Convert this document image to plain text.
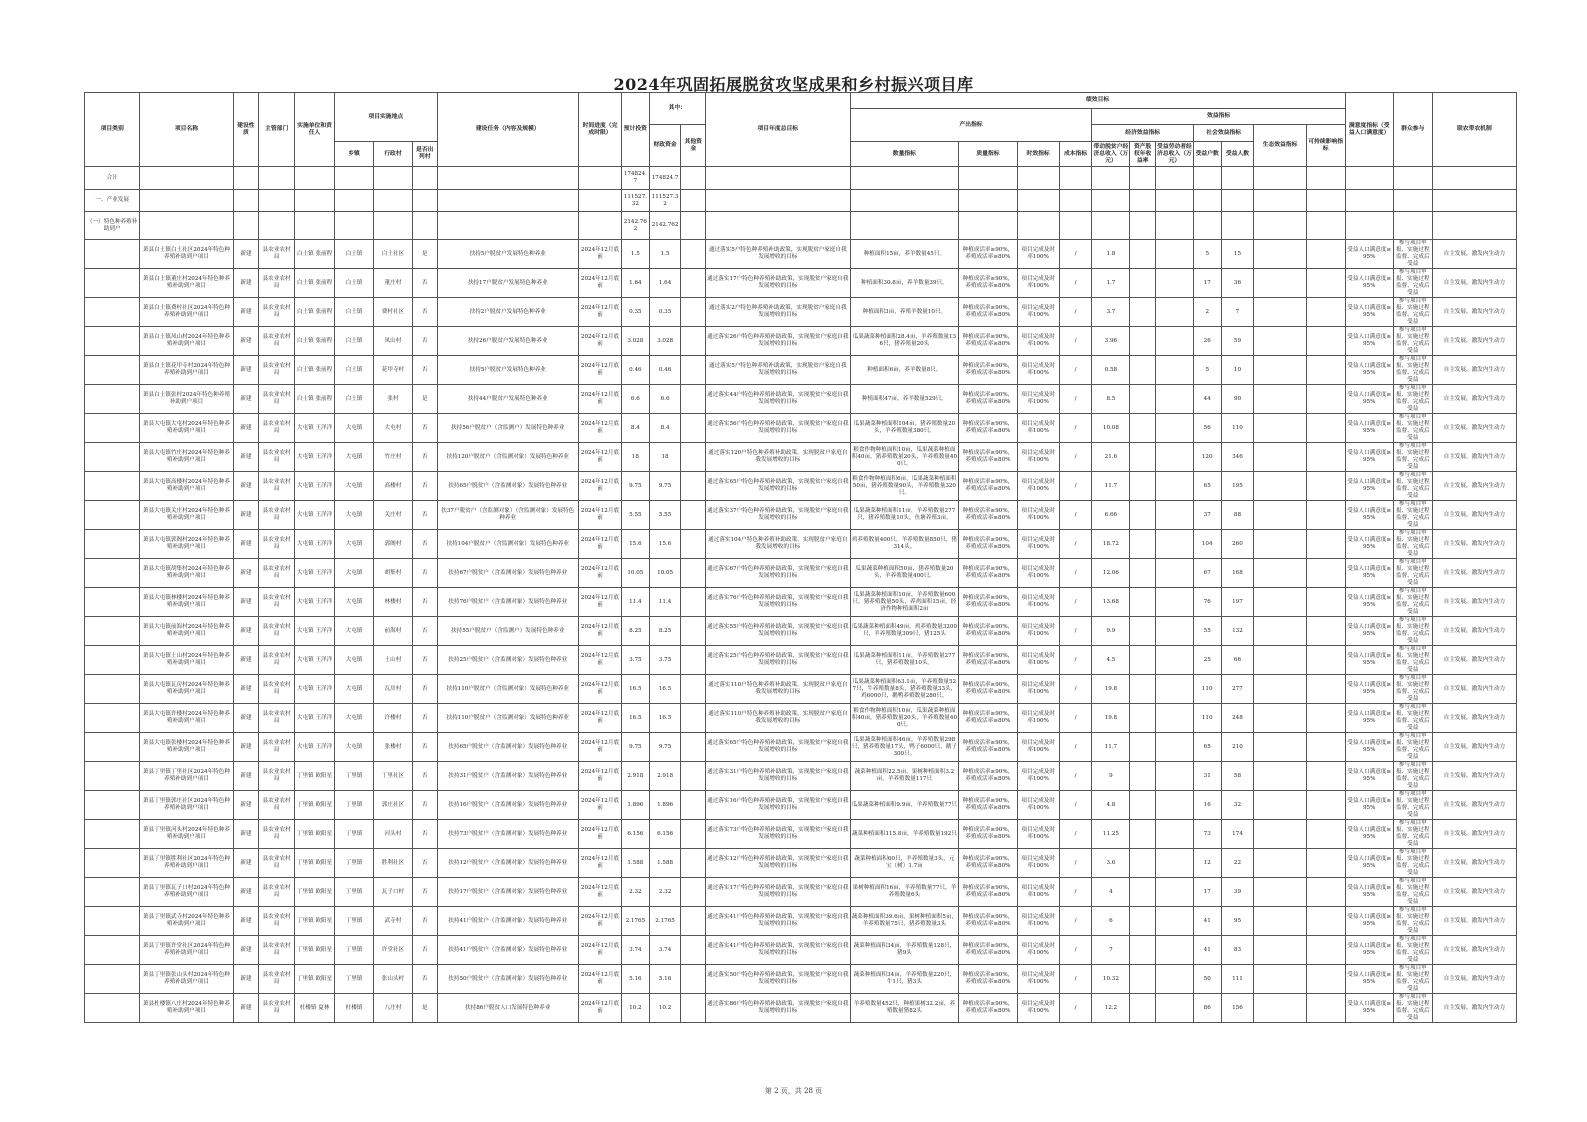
2024年巩固拓展脱贫攻坚成果和乡村振兴项目库
项目类别	项目名称	建设性质	主管部门	实施单位和责任人	项目实施地点			建设任务（内容及规模）	时间进度（完成时限）	预计投资	其中：		项目年度总目标	绩效目标											满意度指标（受益人口满意度）	群众参与	联农带农机制
														产出指标				效益指标									
											财政资金	其他资金						经济效益指标			社会效益指标		生态效益指标	可持续影响指标			
					乡镇	行政村	是否出列村							数量指标	质量指标	时效指标	成本指标	带动脱贫户经济总收入（万元）	资产股权年收益率	受益劳动者经济总收入（万元）	受益户数	受益人数					
合计										174824.7	174824.7																
一、产业发展										111527.32	111527.32																
（一）特色种养殖补助到户										2142.762	2142.762																
	萧县白土镇白土社区2024年特色种养殖补助到户项目	新建	县农业农村局	白土镇 张前程	白土镇	白土社区	是	扶持5户脱贫户发展特色种养业	2024年12月底前	1.5	1.5		通过落实5户特色种养殖补助政策，实现脱贫户家庭自我发展增收的目标	种植面积15亩，养羊数量45只。	种植成活率≥90%，养殖成活率≥80%	项目完成及时率100%	/	1.8			5	15			受益人口满意度≥95%	参与项目申报、实施过程监督、完成后受益	自主发展，激发内生动力
	萧县白土镇董庄村2024年特色种养殖补助到户项目	新建	县农业农村局	白土镇 张前程	白土镇	董庄村	否	扶持17户脱贫户发展特色种养业	2024年12月底前	1.64	1.64		通过落实17户特色种养殖补助政策，实现脱贫户家庭自我发展增收的目标	种植面积30.8亩，养羊数量39只。	种植成活率≥90%，养殖成活率≥80%	项目完成及时率100%	/	1.7			17	36			受益人口满意度≥95%	参与项目申报、实施过程监督、完成后受益	自主发展，激发内生动力
	萧县白土镇费村社区2024年特色种养殖补助到户项目	新建	县农业农村局	白土镇 张前程	白土镇	费村社区	否	扶持2户脱贫户发展特色种养业	2024年12月底前	0.35	0.35		通过落实2户特色种养殖补助政策，实现脱贫户家庭自我发展增收的目标	种植面积3亩，养殖羊数量10只。	种植成活率≥90%，养殖成活率≥80%	项目完成及时率100%	/	3.7			2	7			受益人口满意度≥95%	参与项目申报、实施过程监督、完成后受益	自主发展，激发内生动力
	萧县白土镇凤山村2024年特色种养殖补助到户项目	新建	县农业农村局	白土镇 张前程	白土镇	凤山村	否	扶持26户脱贫户发展特色种养业	2024年12月底前	3.028	3.028		通过落实26户特色种养殖补助政策，实现脱贫户家庭自我发展增收的目标	瓜果蔬菜种植面积28.4亩，羊养殖数量136只，猪养殖量20头	种植成活率≥90%，养殖成活率≥80%	项目完成及时率100%	/	3.96			26	59			受益人口满意度≥95%	参与项目申报、实施过程监督、完成后受益	自主发展，激发内生动力
	萧县白土镇花甲寺村2024年特色种养殖补助到户项目	新建	县农业农村局	白土镇 张前程	白土镇	花甲寺村	否	扶持5户脱贫户发展特色种养业	2024年12月底前	0.46	0.46		通过落实5户特色种养殖补助政策，实现脱贫户家庭自我发展增收的目标	种植面积6亩，养羊数量8只。	种植成活率≥90%，养殖成活率≥80%	项目完成及时率100%	/	0.58			5	10			受益人口满意度≥95%	参与项目申报、实施过程监督、完成后受益	自主发展，激发内生动力
	萧县白土镇张村2024年特色种养殖补助到户项目	新建	县农业农村局	白土镇 张前程	白土镇	张村	是	扶持44户脱贫户发展特色种养业	2024年12月底前	6.6	6.6		通过落实44户特色种养殖补助政策，实现脱贫户家庭自我发展增收的目标	种植面积47亩，养羊数量529只。	种植成活率≥90%，养殖成活率≥80%	项目完成及时率100%	/	8.5			44	90			受益人口满意度≥95%	参与项目申报、实施过程监督、完成后受益	自主发展，激发内生动力
	萧县大屯镇大屯村2024年特色种养殖补助到户项目	新建	县农业农村局	大屯镇 王洋洋	大屯镇	大屯村	否	扶持56户脱贫户（含监测户）发展特色种养业	2024年12月底前	8.4	8.4		通过落实56户特色种养殖补助政策，实现脱贫户家庭自我发展增收的目标	瓜果蔬菜种植面积104亩，猪养殖数量20头，羊养殖数量380只。	种植成活率≥90%，养殖成活率≥80%	项目完成及时率100%	/	10.08			56	110			受益人口满意度≥95%	参与项目申报、实施过程监督、完成后受益	自主发展，激发内生动力
	萧县大屯镇竹庄村2024年特色种养殖补助到户项目	新建	县农业农村局	大屯镇 王洋洋	大屯镇	竹庄村	否	扶持120户脱贫户（含监测对象）发展特色种养业	2024年12月底前	18	18		通过落实120户特色种养殖补助政策，实现脱贫户家庭自我发展增收的目标	粮食作物种植面积10亩，瓜果蔬菜种植面积40亩，猪养殖数量20头，羊养殖数量400只。	种植成活率≥90%，养殖成活率≥80%	项目完成及时率100%	/	21.6			120	346			受益人口满意度≥95%	参与项目申报、实施过程监督、完成后受益	自主发展，激发内生动力
	萧县大屯镇高楼村2024年特色种养殖补助到户项目	新建	县农业农村局	大屯镇 王洋洋	大屯镇	高楼村	否	扶持65户脱贫户（含监测对象）发展特色种养业	2024年12月底前	9.75	9.75		通过落实65户特色种养殖补助政策，实现脱贫户家庭自我发展增收的目标	粮食作物种植面积6亩，瓜果蔬菜种植面积50亩，猪养殖数量90头，羊养殖数量320只。	种植成活率≥90%，养殖成活率≥80%	项目完成及时率100%	/	11.7			65	195			受益人口满意度≥95%	参与项目申报、实施过程监督、完成后受益	自主发展，激发内生动力
	萧县大屯镇关庄村2024年特色种养殖补助到户项目	新建	县农业农村局	大屯镇 王洋洋	大屯镇	关庄村	否	扶37户脱贫户（含监测对象）（含监测对象）发展特色种养业	2024年12月底前	5.55	5.55		通过落实37户特色种养殖补助政策，实现脱贫户家庭自我发展增收的目标	瓜果蔬菜种植面积11亩，羊养殖数量277只，猪养殖数量10头，鱼塘养殖3亩。	种植成活率≥90%，养殖成活率≥80%	项目完成及时率100%	/	6.66			37	88			受益人口满意度≥95%	参与项目申报、实施过程监督、完成后受益	自主发展，激发内生动力
	萧县大屯镇郭阁村2024年特色种养殖补助到户项目	新建	县农业农村局	大屯镇 王洋洋	大屯镇	郭阁村	否	扶持104户脱贫户（含监测对象）发展特色种养业	2024年12月底前	15.6	15.6		通过落实104户特色种养殖补助政策，实现脱贫户家庭自我发展增收的目标	鸡养殖数量400只，羊养殖数量850只，猪314头。	种植成活率≥90%，养殖成活率≥80%	项目完成及时率100%	/	18.72			104	260			受益人口满意度≥95%	参与项目申报、实施过程监督、完成后受益	自主发展，激发内生动力
	萧县大屯镇胡集村2024年特色种养殖补助到户项目	新建	县农业农村局	大屯镇 王洋洋	大屯镇	胡集村	否	扶持67户脱贫户（含监测对象）发展特色种养业	2024年12月底前	10.05	10.05		通过落实67户特色种养殖补助政策，实现脱贫户家庭自我发展增收的目标	瓜果蔬菜种植面积50亩，猪养殖数量20头，羊养殖数量400只。	种植成活率≥90%，养殖成活率≥80%	项目完成及时率100%	/	12.06			67	168			受益人口满意度≥95%	参与项目申报、实施过程监督、完成后受益	自主发展，激发内生动力
	萧县大屯镇林楼村2024年特色种养殖补助到户项目	新建	县农业农村局	大屯镇 王洋洋	大屯镇	林楼村	否	扶持76户脱贫户（含监测对象）发展特色种养业	2024年12月底前	11.4	11.4		通过落实76户特色种养殖补助政策，实现脱贫户家庭自我发展增收的目标	瓜果蔬菜种植面积10亩，羊养殖数量600只，猪养殖数量50头，养鸡面积15亩，经济作物种植面积2亩	种植成活率≥90%，养殖成活率≥80%	项目完成及时率100%	/	13.68			76	197			受益人口满意度≥95%	参与项目申报、实施过程监督、完成后受益	自主发展，激发内生动力
	萧县大屯镇前海村2024年特色种养殖补助到户项目	新建	县农业农村局	大屯镇 王洋洋	大屯镇	前海村	否	扶持55户脱贫户（含监测户）发展特色种养业	2024年12月底前	8.25	8.25		通过落实55户特色种养殖补助政策，实现脱贫户家庭自我发展增收的目标	瓜果蔬菜种植面积49亩，鸡养殖数量3200只，羊养殖数量309只，猪125头	种植成活率≥90%，养殖成活率≥80%	项目完成及时率100%	/	9.9			55	132			受益人口满意度≥95%	参与项目申报、实施过程监督、完成后受益	自主发展，激发内生动力
	萧县大屯镇土山村2024年特色种养殖补助到户项目	新建	县农业农村局	大屯镇 王洋洋	大屯镇	土山村	否	扶持25户脱贫户（含监测对象）发展特色种养业	2024年12月底前	3.75	3.75		通过落实25户特色种养殖补助政策，实现脱贫户家庭自我发展增收的目标	瓜果蔬菜种植面积11亩，羊养殖数量277只，猪养殖数量10头。	种植成活率≥90%，养殖成活率≥80%	项目完成及时率100%	/	4.5			25	66			受益人口满意度≥95%	参与项目申报、实施过程监督、完成后受益	自主发展，激发内生动力
	萧县大屯镇瓦房村2024年特色种养殖补助到户项目	新建	县农业农村局	大屯镇 王洋洋	大屯镇	瓦房村	否	扶持110户脱贫户（含监测对象）发展特色种养业	2024年12月底前	16.5	16.5		通过落实110户特色种养殖补助政策，实现脱贫户家庭自我发展增收的目标	瓜果蔬菜种植面积63.1亩，羊养殖数量527只，牛养殖数量8头，猪养殖数量33头，鸡6000只，鹅鸭养殖数量280只，	种植成活率≥90%，养殖成活率≥80%	项目完成及时率100%	/	19.8			110	277			受益人口满意度≥95%	参与项目申报、实施过程监督、完成后受益	自主发展，激发内生动力
	萧县大屯镇许楼村2024年特色种养殖补助到户项目	新建	县农业农村局	大屯镇 王洋洋	大屯镇	许楼村	否	扶持110户脱贫户（含监测对象）发展特色种养业	2024年12月底前	16.5	16.5		通过落实110户特色种养殖补助政策，实现脱贫户家庭自我发展增收的目标	粮食作物种植面积10亩，瓜果蔬菜种植面积40亩，猪养殖数量20头，羊养殖数量400只。	种植成活率≥90%，养殖成活率≥80%	项目完成及时率100%	/	19.8			110	248			受益人口满意度≥95%	参与项目申报、实施过程监督、完成后受益	自主发展，激发内生动力
	萧县大屯镇张楼村2024年特色种养殖补助到户项目	新建	县农业农村局	大屯镇 王洋洋	大屯镇	张楼村	否	扶持65户脱贫户（含监测对象）发展特色种养业	2024年12月底前	9.75	9.75		通过落实65户特色种养殖补助政策，实现脱贫户家庭自我发展增收的目标	瓜果蔬菜种植面积46亩，羊养殖数量298只，猪养殖数量17头，鸭子6000只，鹅子300只。	种植成活率≥90%，养殖成活率≥80%	项目完成及时率100%	/	11.7			65	210			受益人口满意度≥95%	参与项目申报、实施过程监督、完成后受益	自主发展，激发内生动力
	萧县丁里镇丁里社区2024年特色种养殖补助到户项目	新建	县农业农村局	丁里镇 欧阳星	丁里镇	丁里社区	否	扶持31户脱贫户（含监测对象）发展特色种养业	2024年12月底前	2.918	2.918		通过落实31户特色种养殖补助政策，实现脱贫户家庭自我发展增收的目标	蔬菜种植面积22.5亩，果树种植面积3.2亩，羊养殖数量117只	种植成活率≥90%，养殖成活率≥80%	项目完成及时率100%	/	9			31	58			受益人口满意度≥95%	参与项目申报、实施过程监督、完成后受益	自主发展，激发内生动力
	萧县丁里镇郭庄社区2024年特色种养殖补助到户项目	新建	县农业农村局	丁里镇 欧阳星	丁里镇	郭庄社区	否	扶持16户脱贫户（含监测对象）发展特色种养业	2024年12月底前	1.896	1.896		通过落实16户特色种养殖补助政策，实现脱贫户家庭自我发展增收的目标	瓜果蔬菜种植面积9.9亩，羊养殖数量77只	种植成活率≥90%，养殖成活率≥80%	项目完成及时率100%	/	4.8			16	32			受益人口满意度≥95%	参与项目申报、实施过程监督、完成后受益	自主发展，激发内生动力
	萧县丁里镇河头村2024年特色种养殖补助到户项目	新建	县农业农村局	丁里镇 欧阳星	丁里镇	河头村	否	扶持73户脱贫户（含监测对象）发展特色种养业	2024年12月底前	6.156	6.156		通过落实73户特色种养殖补助政策，实现脱贫户家庭自我发展增收的目标	蔬菜种植面积115.8亩，羊养殖数量192只	种植成活率≥90%，养殖成活率≥80%	项目完成及时率100%	/	11.25			73	174			受益人口满意度≥95%	参与项目申报、实施过程监督、完成后受益	自主发展，激发内生动力
	萧县丁里镇胜利社区2024年特色种养殖补助到户项目	新建	县农业农村局	丁里镇 欧阳星	丁里镇	胜利社区	否	扶持12户脱贫户（含监测对象）发展特色种养业	2024年12月底前	1.588	1.588		通过落实12户特色种养殖补助政策，实现脱贫户家庭自我发展增收的目标	蔬菜种植面积60只，羊养殖数量3头，元宝（树）1.7亩	种植成活率≥90%，养殖成活率≥80%	项目完成及时率100%	/	3.6			12	22			受益人口满意度≥95%	参与项目申报、实施过程监督、完成后受益	自主发展，激发内生动力
	萧县丁里镇瓦子口村2024年特色种养殖补助到户项目	新建	县农业农村局	丁里镇 欧阳星	丁里镇	瓦子口村	否	扶持17户脱贫户（含监测对象）发展特色种养业	2024年12月底前	2.32	2.32		通过落实17户特色种养殖补助政策，实现脱贫户家庭自我发展增收的目标	果树种植面积16亩，羊养殖数量77只，羊养殖数量6头	种植成活率≥90%，养殖成活率≥80%	项目完成及时率100%	/	4			17	39			受益人口满意度≥95%	参与项目申报、实施过程监督、完成后受益	自主发展，激发内生动力
	萧县丁里镇武寺村2024年特色种养殖补助到户项目	新建	县农业农村局	丁里镇 欧阳星	丁里镇	武寺村	否	扶持41户脱贫户（含监测对象）发展特色种养业	2024年12月底前	2.1765	2.1765		通过落实41户特色种养殖补助政策，实现脱贫户家庭自我发展增收的目标	蔬菜种植面积39.6亩，果树种植面积5亩，羊养殖数量75只，猪养殖数量3头	种植成活率≥90%，养殖成活率≥80%	项目完成及时率100%	/	6			41	95			受益人口满意度≥95%	参与项目申报、实施过程监督、完成后受益	自主发展，激发内生动力
	萧县丁里镇许堂社区2024年特色种养殖补助到户项目	新建	县农业农村局	丁里镇 欧阳星	丁里镇	许堂社区	否	扶持41户脱贫户（含监测对象）发展特色种养业	2024年12月底前	3.74	3.74		通过落实41户特色种养殖补助政策，实现脱贫户家庭自我发展增收的目标	蔬菜种植面积34亩，羊养殖数量128只，猪9头	种植成活率≥90%，养殖成活率≥80%	项目完成及时率100%	/	7			41	83			受益人口满意度≥95%	参与项目申报、实施过程监督、完成后受益	自主发展，激发内生动力
	萧县丁里镇张山头村2024年特色种养殖补助到户项目	新建	县农业农村局	丁里镇 欧阳星	丁里镇	张山头村	否	扶持50户脱贫户（含监测对象）发展特色种养业	2024年12月底前	5.16	5.16		通过落实50户特色种养殖补助政策，实现脱贫户家庭自我发展增收的目标	蔬菜种植面积34亩，羊养殖数量220只，牛1只，猪3头	种植成活率≥90%，养殖成活率≥80%	项目完成及时率100%	/	10.32			50	111			受益人口满意度≥95%	参与项目申报、实施过程监督、完成后受益	自主发展，激发内生动力
	萧县杜楼镇八庄村2024年特色种养殖补助到户项目	新建	县农业农村局	杜楼镇 夏林	杜楼镇	八庄村	是	扶持86户脱贫人口发展特色种养业	2024年12月底前	10.2	10.2		通过落实86户特色种养殖补助政策，实现脱贫户家庭自我发展增收的目标	羊养殖数量452只，种植果树32.2亩，养殖数量猪82头	种植成活率≥90%，养殖成活率≥80%	项目完成及时率100%	/	12.2			86	156			受益人口满意度≥95%	参与项目申报、实施过程监督、完成后受益	自主发展，激发内生动力
第 2 页，共 28 页
